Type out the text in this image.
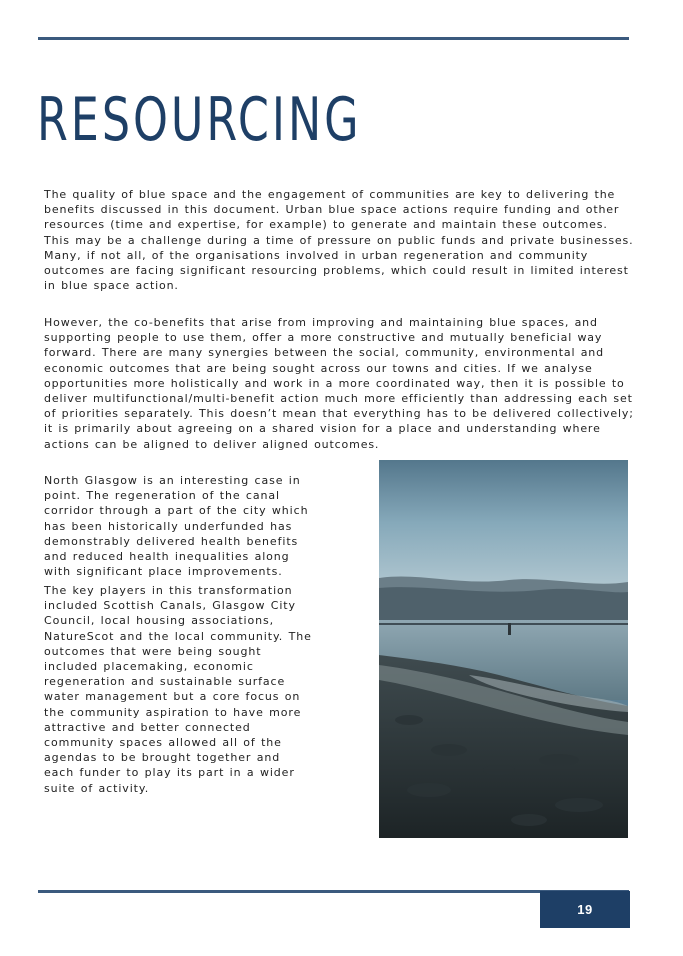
RESOURCING

The quality of blue space and the engagement of communities are key to delivering the benefits discussed in this document. Urban blue space actions require funding and other resources (time and expertise, for example) to generate and maintain these outcomes. This may be a challenge during a time of pressure on public funds and private businesses. Many, if not all, of the organisations involved in urban regeneration and community outcomes are facing significant resourcing problems, which could result in limited interest in blue space action.

However, the co-benefits that arise from improving and maintaining blue spaces, and supporting people to use them, offer a more constructive and mutually beneficial way forward. There are many synergies between the social, community, environmental and economic outcomes that are being sought across our towns and cities. If we analyse opportunities more holistically and work in a more coordinated way, then it is possible to deliver multifunctional/multi-benefit action much more efficiently than addressing each set of priorities separately. This doesn’t mean that everything has to be delivered collectively; it is primarily about agreeing on a shared vision for a place and understanding where actions can be aligned to deliver aligned outcomes.

North Glasgow is an interesting case in point. The regeneration of the canal corridor through a part of the city which has been historically underfunded has demonstrably delivered health benefits and reduced health inequalities along with significant place improvements.

The key players in this transformation included Scottish Canals, Glasgow City Council, local housing associations, NatureScot and the local community. The outcomes that were being sought included placemaking, economic regeneration and sustainable surface water management but a core focus on the community aspiration to have more attractive and better connected community spaces allowed all of the agendas to be brought together and each funder to play its part in a wider suite of activity.

19
